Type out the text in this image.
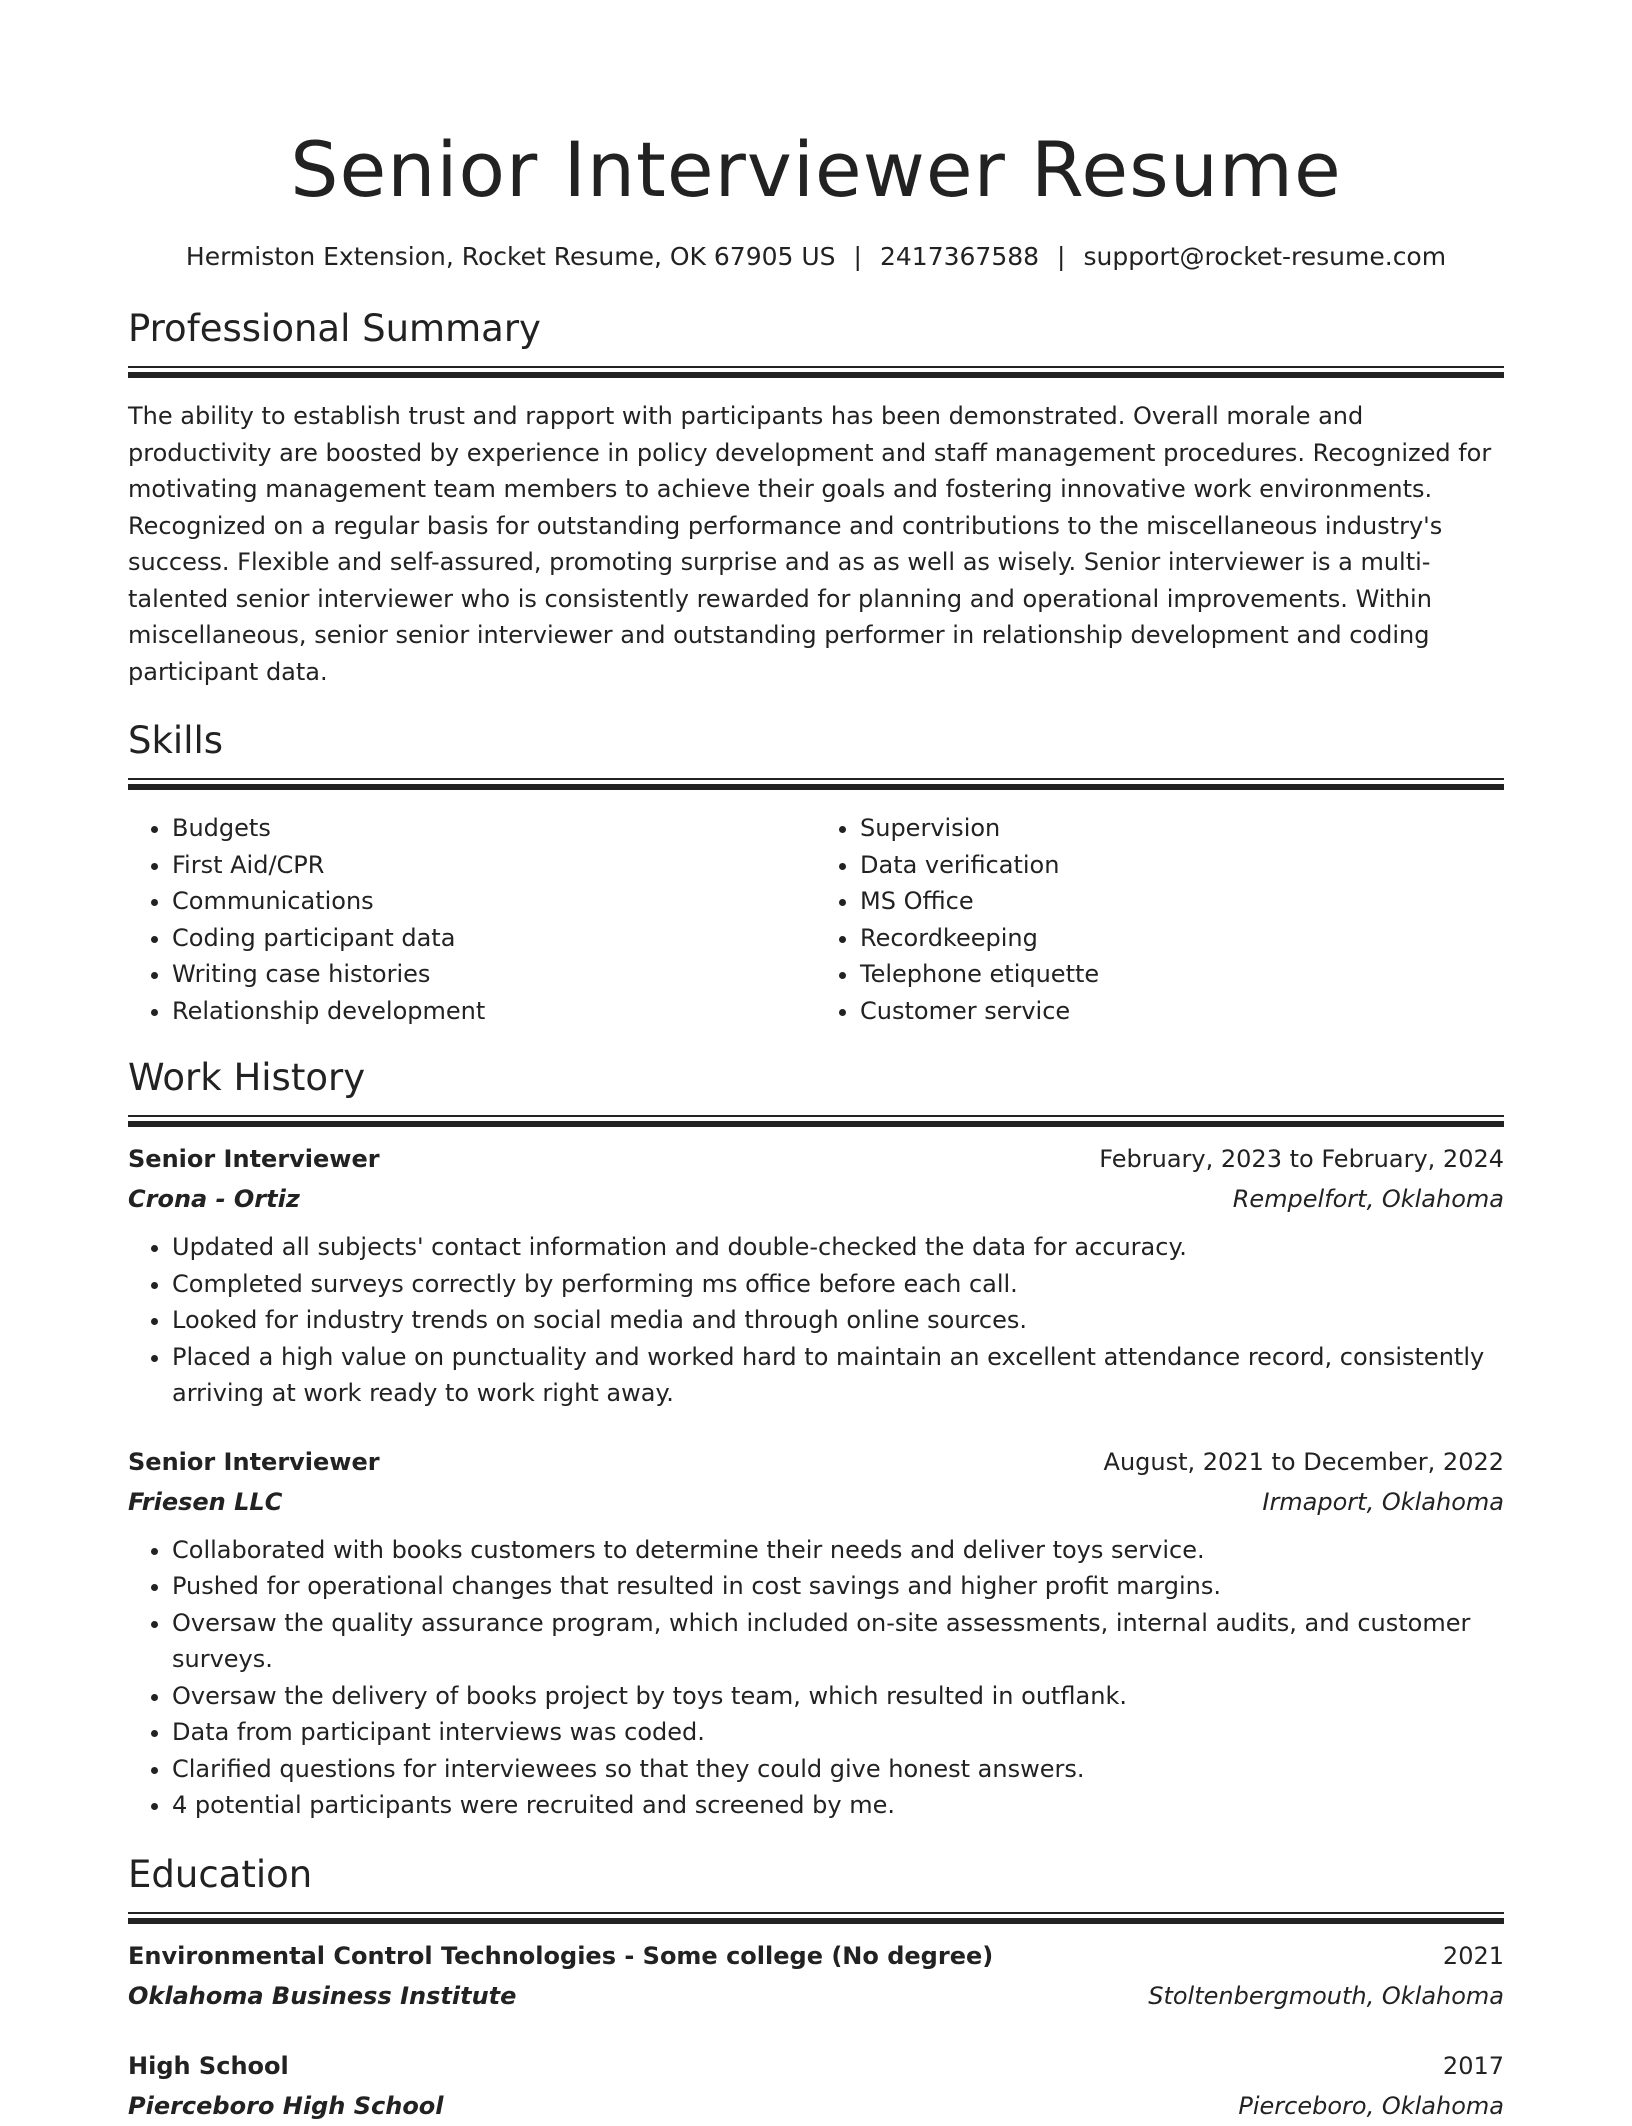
Senior Interviewer Resume
Hermiston Extension, Rocket Resume, OK 67905 US | 2417367588 | support@rocket-resume.com
Professional Summary

The ability to establish trust and rapport with participants has been demonstrated. Overall morale and productivity are boosted by experience in policy development and staff management procedures. Recognized for motivating management team members to achieve their goals and fostering innovative work environments. Recognized on a regular basis for outstanding performance and contributions to the miscellaneous industry's success. Flexible and self-assured, promoting surprise and as as well as wisely. Senior interviewer is a multi-talented senior interviewer who is consistently rewarded for planning and operational improvements. Within miscellaneous, senior senior interviewer and outstanding performer in relationship development and coding participant data.

Skills
• Budgets
• First Aid/CPR
• Communications
• Coding participant data
• Writing case histories
• Relationship development
• Supervision
• Data verification
• MS Office
• Recordkeeping
• Telephone etiquette
• Customer service
Work History
Senior Interviewer	February, 2023 to February, 2024
Crona - Ortiz	Rempelfort, Oklahoma
• Updated all subjects' contact information and double-checked the data for accuracy.
• Completed surveys correctly by performing ms office before each call.
• Looked for industry trends on social media and through online sources.
• Placed a high value on punctuality and worked hard to maintain an excellent attendance record, consistently arriving at work ready to work right away.
Senior Interviewer	August, 2021 to December, 2022
Friesen LLC	Irmaport, Oklahoma
• Collaborated with books customers to determine their needs and deliver toys service.
• Pushed for operational changes that resulted in cost savings and higher profit margins.
• Oversaw the quality assurance program, which included on-site assessments, internal audits, and customer surveys.
• Oversaw the delivery of books project by toys team, which resulted in outflank.
• Data from participant interviews was coded.
• Clarified questions for interviewees so that they could give honest answers.
• 4 potential participants were recruited and screened by me.
Education
Environmental Control Technologies - Some college (No degree)	2021
Oklahoma Business Institute	Stoltenbergmouth, Oklahoma
High School	2017
Pierceboro High School	Pierceboro, Oklahoma
